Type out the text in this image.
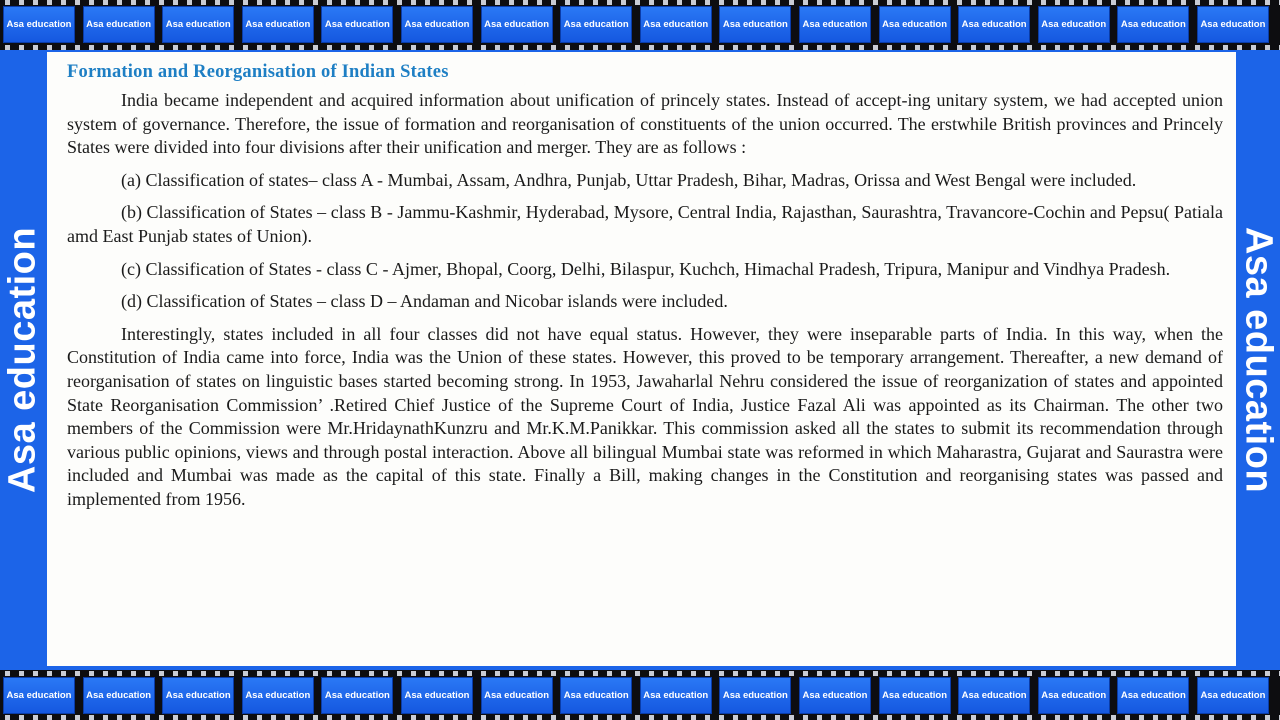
Asa education	Asa education	Asa education	Asa education	Asa education	Asa education	Asa education	Asa education	Asa education	Asa education	Asa education	Asa education	Asa education	Asa education	Asa education	Asa education
Asa education
Formation and Reorganisation of Indian States

India became independent and acquired information about unification of princely states. Instead of accept-ing unitary system, we had accepted union system of governance. Therefore, the issue of formation and reorganisation of constituents of the union occurred. The erstwhile British provinces and Princely States were divided into four divisions after their unification and merger. They are as follows :

(a) Classification of states– class A - Mumbai, Assam, Andhra, Punjab, Uttar Pradesh, Bihar, Madras, Orissa and West Bengal were included.

(b) Classification of States – class B - Jammu-Kashmir, Hyderabad, Mysore, Central India, Rajasthan, Saurashtra, Travancore-Cochin and Pepsu( Patiala amd East Punjab states of Union).

(c) Classification of States - class C - Ajmer, Bhopal, Coorg, Delhi, Bilaspur, Kuchch, Himachal Pradesh, Tripura, Manipur and Vindhya Pradesh.

(d) Classification of States – class D – Andaman and Nicobar islands were included.

Interestingly, states included in all four classes did not have equal status. However, they were inseparable parts of India. In this way, when the Constitution of India came into force, India was the Union of these states. However, this proved to be temporary arrangement. Thereafter, a new demand of reorganisation of states on linguistic bases started becoming strong. In 1953, Jawaharlal Nehru considered the issue of reorganization of states and appointed State Reorganisation Commission’ .Retired Chief Justice of the Supreme Court of India, Justice Fazal Ali was appointed as its Chairman. The other two members of the Commission were Mr.HridaynathKunzru and Mr.K.M.Panikkar. This commission asked all the states to submit its recommendation through various public opinions, views and through postal interaction. Above all bilingual Mumbai state was reformed in which Maharastra, Gujarat and Saurastra were included and Mumbai was made as the capital of this state. Finally a Bill, making changes in the Constitution and reorganising states was passed and implemented from 1956.

Asa education
Asa education	Asa education	Asa education	Asa education	Asa education	Asa education	Asa education	Asa education	Asa education	Asa education	Asa education	Asa education	Asa education	Asa education	Asa education	Asa education
